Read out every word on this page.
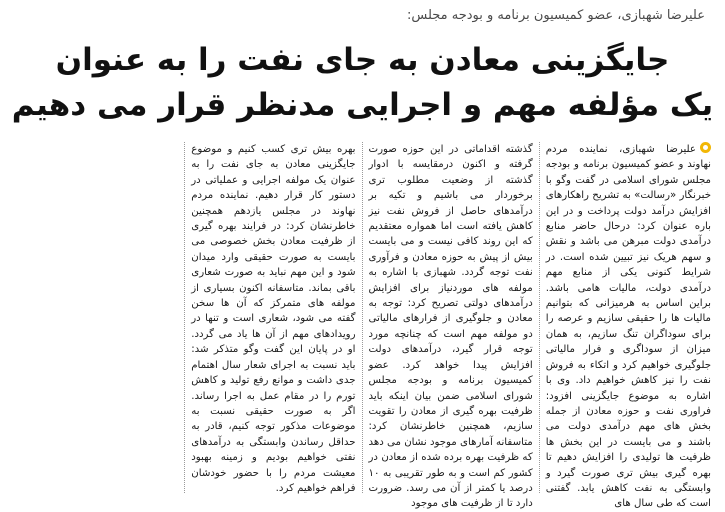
علیرضا شهبازی، عضو کمیسیون برنامه و بودجه مجلس:
جایگزینی معادن به جای نفت را به عنوان
یک مؤلفه مهم و اجرایی مدنظر قرار می دهیم

علیرضا شهبازی، نماینده مردم نهاوند و عضو کمیسیون برنامه و بودجه مجلس شورای اسلامی در گفت وگو با خبرنگار «رسالت» به تشریح راهکارهای افزایش درآمد دولت پرداخت و در این باره عنوان کرد: درحال حاضر منابع درآمدی دولت مبرهن می باشد و نقش و سهم هریک نیز تبیین شده است. در شرایط کنونی یکی از منابع مهم درآمدی دولت، مالیات هامی باشد. براین اساس به هرمیزانی که بتوانیم مالیات ها را حقیقی سازیم و عرصه را برای سوداگران تنگ سازیم، به همان میزان از سوداگری و فرار مالیاتی جلوگیری خواهیم کرد و اتکاء به فروش نفت را نیز کاهش خواهیم داد. وی با اشاره به موضوع جایگزینی افزود: فراوری نفت و حوزه معادن از جمله بخش های مهم درآمدی دولت می باشند و می بایست در این بخش ها ظرفیت ها تولیدی را افزایش دهیم تا بهره گیری بیش تری صورت گیرد و وابستگی به نفت کاهش یابد. گفتنی است که طی سال های

گذشته اقداماتی در این حوزه صورت گرفته و اکنون درمقایسه با ادوار گذشته از وضعیت مطلوب تری برخوردار می باشیم و تکیه بر درآمدهای حاصل از فروش نفت نیز کاهش یافته است اما همواره معتقدیم که این روند کافی نیست و می بایست بیش از پیش به حوزه معادن و فرآوری نفت توجه گردد. شهبازی با اشاره به مولفه های موردنیاز برای افزایش درآمدهای دولتی تصریح کرد: توجه به معادن و جلوگیری از فرارهای مالیاتی دو مولفه مهم است که چنانچه مورد توجه قرار گیرد، درآمدهای دولت افزایش پیدا خواهد کرد. عضو کمیسیون برنامه و بودجه مجلس شورای اسلامی ضمن بیان اینکه باید ظرفیت بهره گیری از معادن را تقویت سازیم، همچنین خاطرنشان کرد: متاسفانه آمارهای موجود نشان می دهد که ظرفیت بهره برده شده از معادن در کشور کم است و به طور تقریبی به ۱۰ درصد یا کمتر از آن می رسد. ضرورت دارد تا از ظرفیت های موجود

بهره بیش تری کسب کنیم و موضوع جایگزینی معادن به جای نفت را به عنوان یک مولفه اجرایی و عملیاتی در دستور کار قرار دهیم. نماینده مردم نهاوند در مجلس یازدهم همچنین خاطرنشان کرد: در فرایند بهره گیری از ظرفیت معادن بخش خصوصی می بایست به صورت حقیقی وارد میدان شود و این مهم نباید به صورت شعاری باقی بماند. متاسفانه اکنون بسیاری از مولفه های متمرکز که آن ها سخن گفته می شود، شعاری است و تنها در رویدادهای مهم از آن ها یاد می گردد. او در پایان این گفت وگو متذکر شد: باید نسبت به اجرای شعار سال اهتمام جدی داشت و موانع رفع تولید و کاهش تورم را در مقام عمل به اجرا رساند. اگر به صورت حقیقی نسبت به موضوعات مذکور توجه کنیم، قادر به حداقل رساندن وابستگی به درآمدهای نفتی خواهیم بودیم و زمینه بهبود معیشت مردم را با حضور خودشان فراهم خواهیم کرد.
